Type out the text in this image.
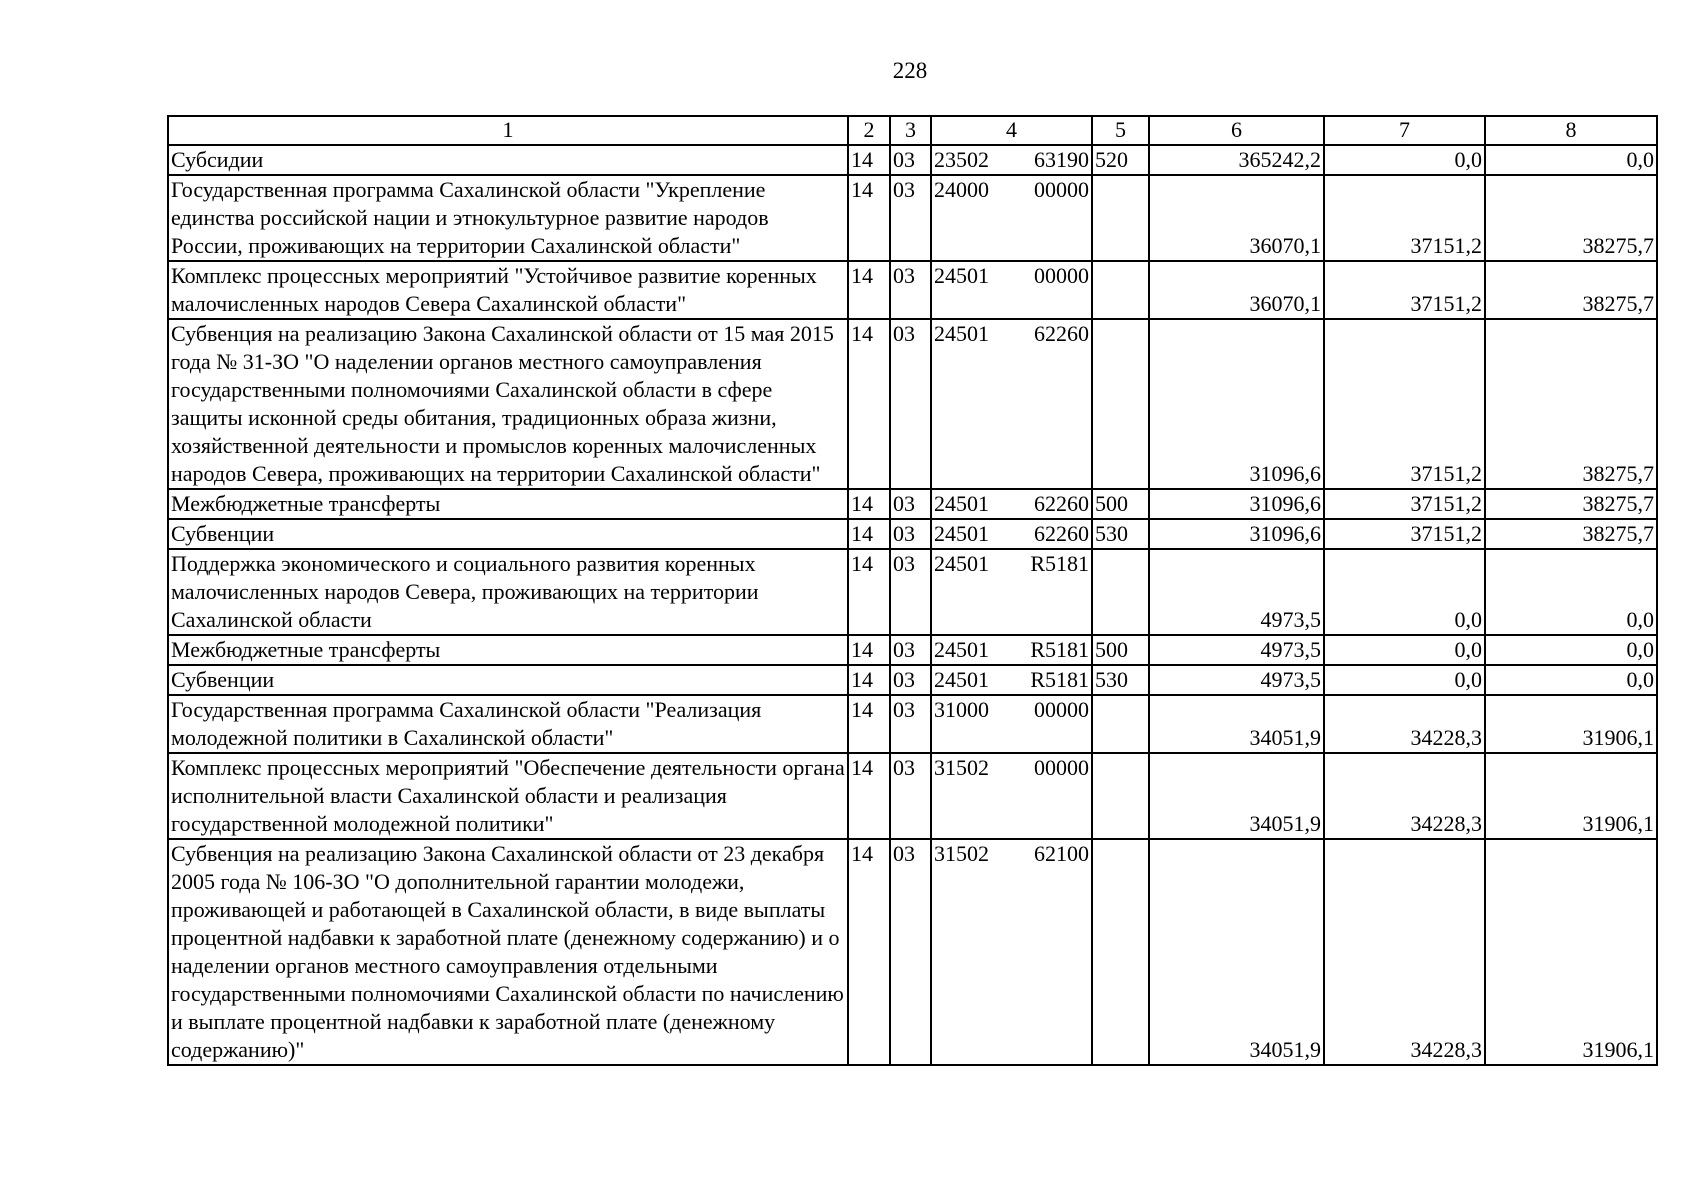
228
1	2	3	4	5	6	7	8
Субсидии	14	03	23502 63190	520	365242,2	0,0	0,0
Государственная программа Сахалинской области "Укрепление единства российской нации и этнокультурное развитие народов России, проживающих на территории Сахалинской области"	14	03	24000 00000		36070,1	37151,2	38275,7
Комплекс процессных мероприятий "Устойчивое развитие коренных малочисленных народов Севера Сахалинской области"	14	03	24501 00000		36070,1	37151,2	38275,7
Субвенция на реализацию Закона Сахалинской области от 15 мая 2015 года № 31-ЗО "О наделении органов местного самоуправления государственными полномочиями Сахалинской области в сфере защиты исконной среды обитания, традиционных образа жизни, хозяйственной деятельности и промыслов коренных малочисленных народов Севера, проживающих на территории Сахалинской области"	14	03	24501 62260		31096,6	37151,2	38275,7
Межбюджетные трансферты	14	03	24501 62260	500	31096,6	37151,2	38275,7
Субвенции	14	03	24501 62260	530	31096,6	37151,2	38275,7
Поддержка экономического и социального развития коренных малочисленных народов Севера, проживающих на территории Сахалинской области	14	03	24501 R5181		4973,5	0,0	0,0
Межбюджетные трансферты	14	03	24501 R5181	500	4973,5	0,0	0,0
Субвенции	14	03	24501 R5181	530	4973,5	0,0	0,0
Государственная программа Сахалинской области "Реализация молодежной политики в Сахалинской области"	14	03	31000 00000		34051,9	34228,3	31906,1
Комплекс процессных мероприятий "Обеспечение деятельности органа исполнительной власти Сахалинской области и реализация государственной молодежной политики"	14	03	31502 00000		34051,9	34228,3	31906,1
Субвенция на реализацию Закона Сахалинской области от 23 декабря 2005 года № 106-ЗО "О дополнительной гарантии молодежи, проживающей и работающей в Сахалинской области, в виде выплаты процентной надбавки к заработной плате (денежному содержанию) и о наделении органов местного самоуправления отдельными государственными полномочиями Сахалинской области по начислению и выплате процентной надбавки к заработной плате (денежному содержанию)"	14	03	31502 62100		34051,9	34228,3	31906,1
